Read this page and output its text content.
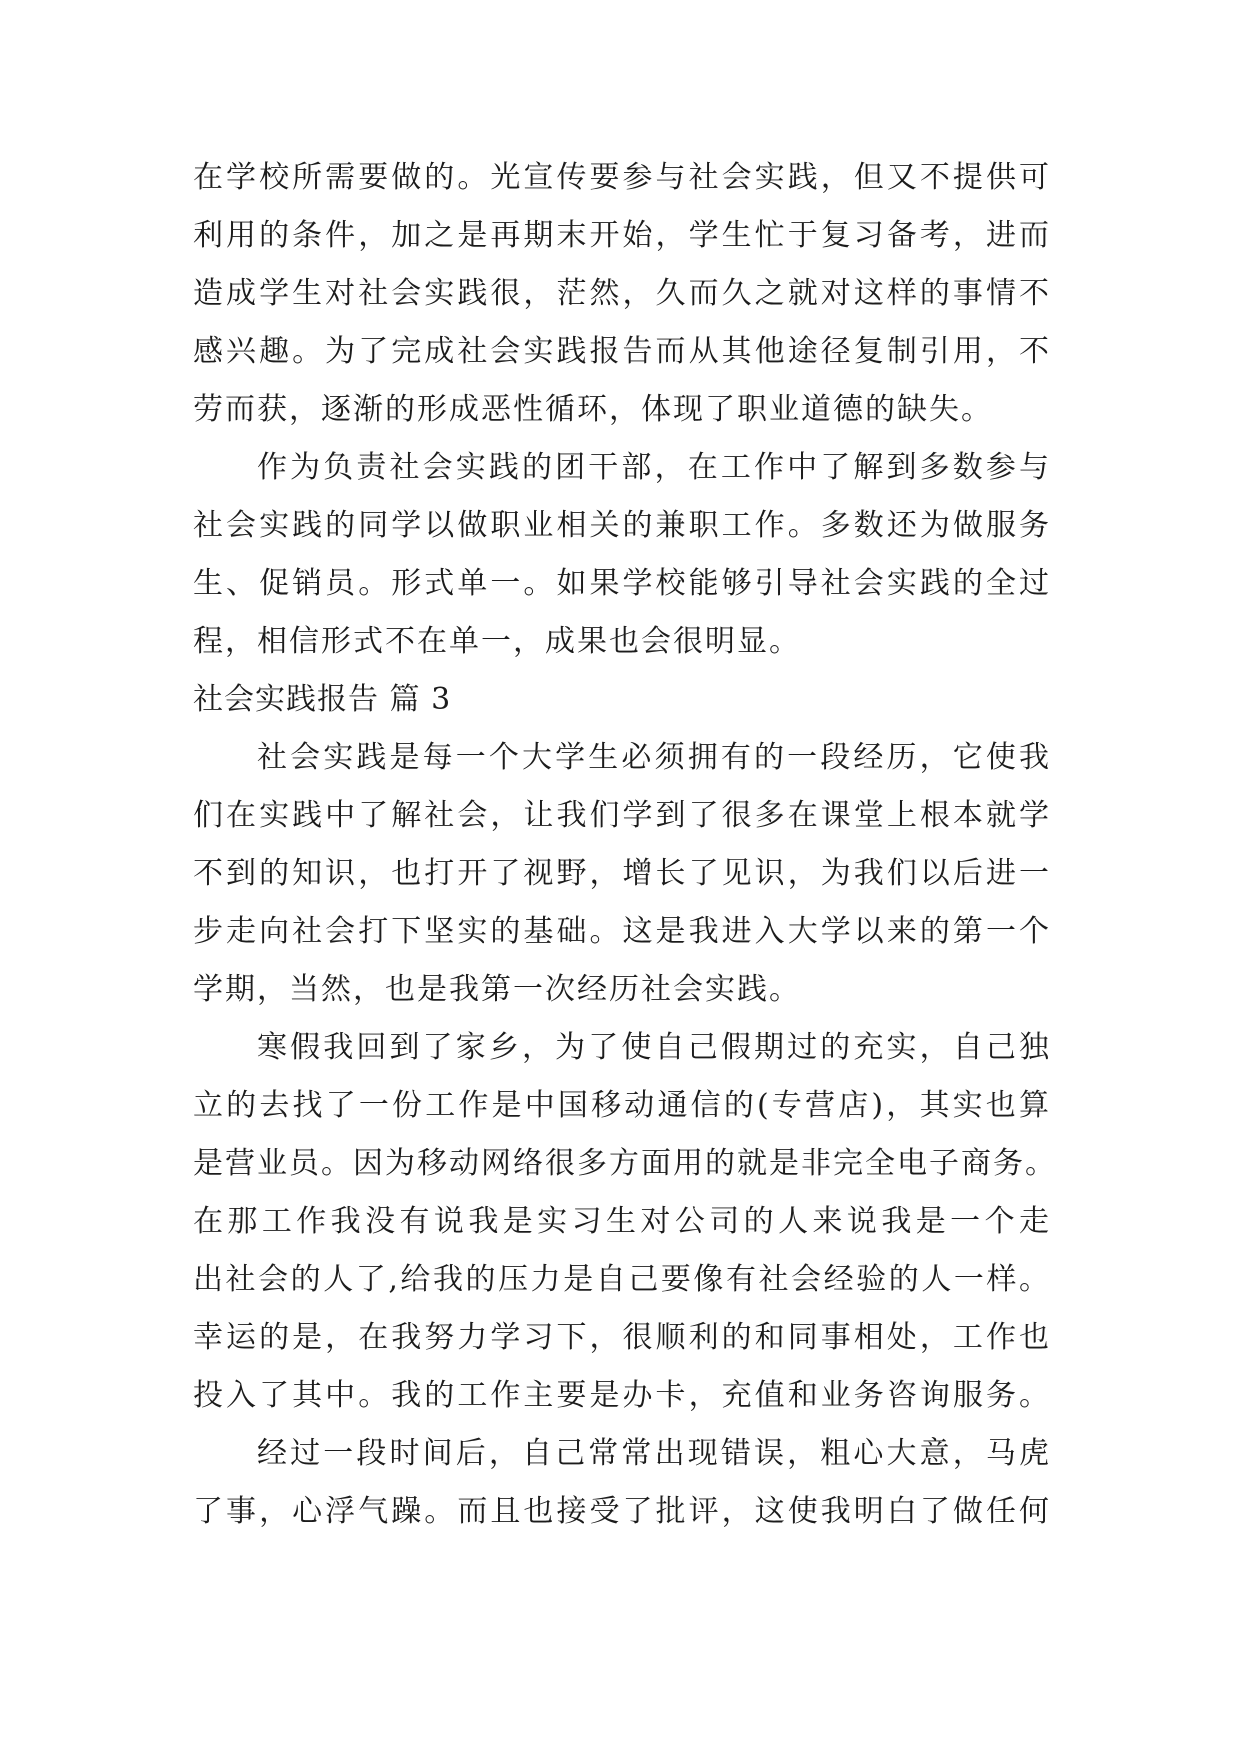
在学校所需要做的。光宣传要参与社会实践，但又不提供可
利用的条件，加之是再期末开始，学生忙于复习备考，进而
造成学生对社会实践很，茫然，久而久之就对这样的事情不
感兴趣。为了完成社会实践报告而从其他途径复制引用，不
劳而获，逐渐的形成恶性循环，体现了职业道德的缺失。
作为负责社会实践的团干部，在工作中了解到多数参与
社会实践的同学以做职业相关的兼职工作。多数还为做服务
生、促销员。形式单一。如果学校能够引导社会实践的全过
程，相信形式不在单一，成果也会很明显。
社会实践报告 篇 3
社会实践是每一个大学生必须拥有的一段经历，它使我
们在实践中了解社会，让我们学到了很多在课堂上根本就学
不到的知识，也打开了视野，增长了见识，为我们以后进一
步走向社会打下坚实的基础。这是我进入大学以来的第一个
学期，当然，也是我第一次经历社会实践。
寒假我回到了家乡，为了使自己假期过的充实，自己独
立的去找了一份工作是中国移动通信的(专营店)，其实也算
是营业员。因为移动网络很多方面用的就是非完全电子商务。
在那工作我没有说我是实习生对公司的人来说我是一个走
出社会的人了,给我的压力是自己要像有社会经验的人一样。
幸运的是，在我努力学习下，很顺利的和同事相处，工作也
投入了其中。我的工作主要是办卡，充值和业务咨询服务。
经过一段时间后，自己常常出现错误，粗心大意，马虎
了事，心浮气躁。而且也接受了批评，这使我明白了做任何
